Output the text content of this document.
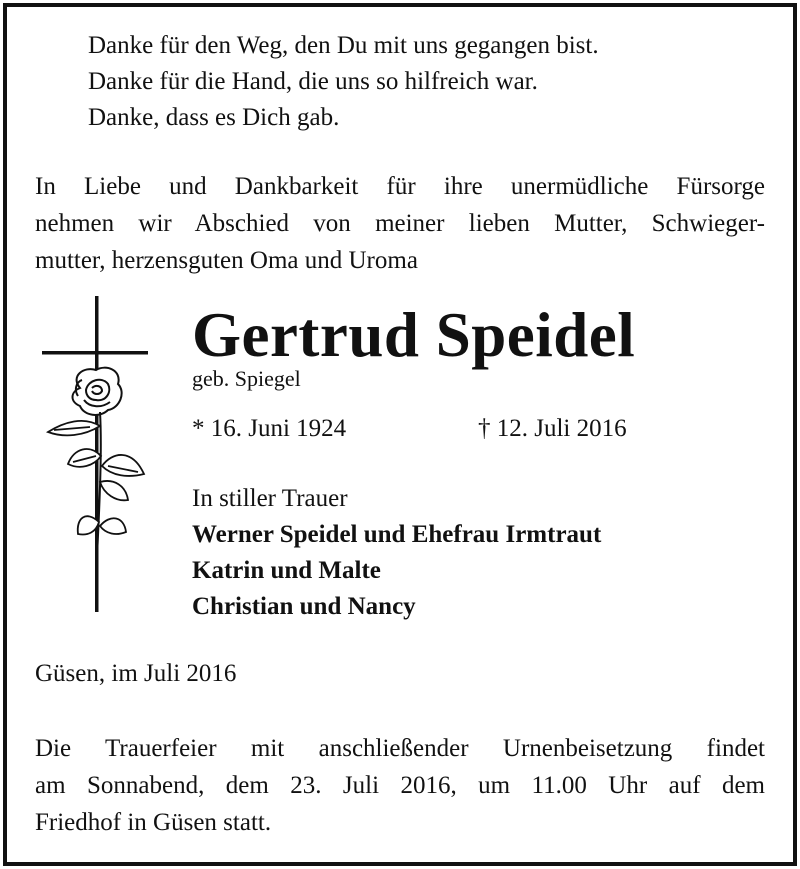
Danke für den Weg, den Du mit uns gegangen bist.
Danke für die Hand, die uns so hilfreich war.
Danke, dass es Dich gab.
In Liebe und Dankbarkeit für ihre unermüdliche Fürsorge
nehmen wir Abschied von meiner lieben Mutter, Schwieger-
mutter, herzensguten Oma und Uroma
Gertrud Speidel
geb. Spiegel
* 16. Juni 1924	† 12. Juli 2016
In stiller Trauer
Werner Speidel und Ehefrau Irmtraut
Katrin und Malte
Christian und Nancy
Güsen, im Juli 2016
Die Trauerfeier mit anschließender Urnenbeisetzung findet
am Sonnabend, dem 23. Juli 2016, um 11.00 Uhr auf dem
Friedhof in Güsen statt.
